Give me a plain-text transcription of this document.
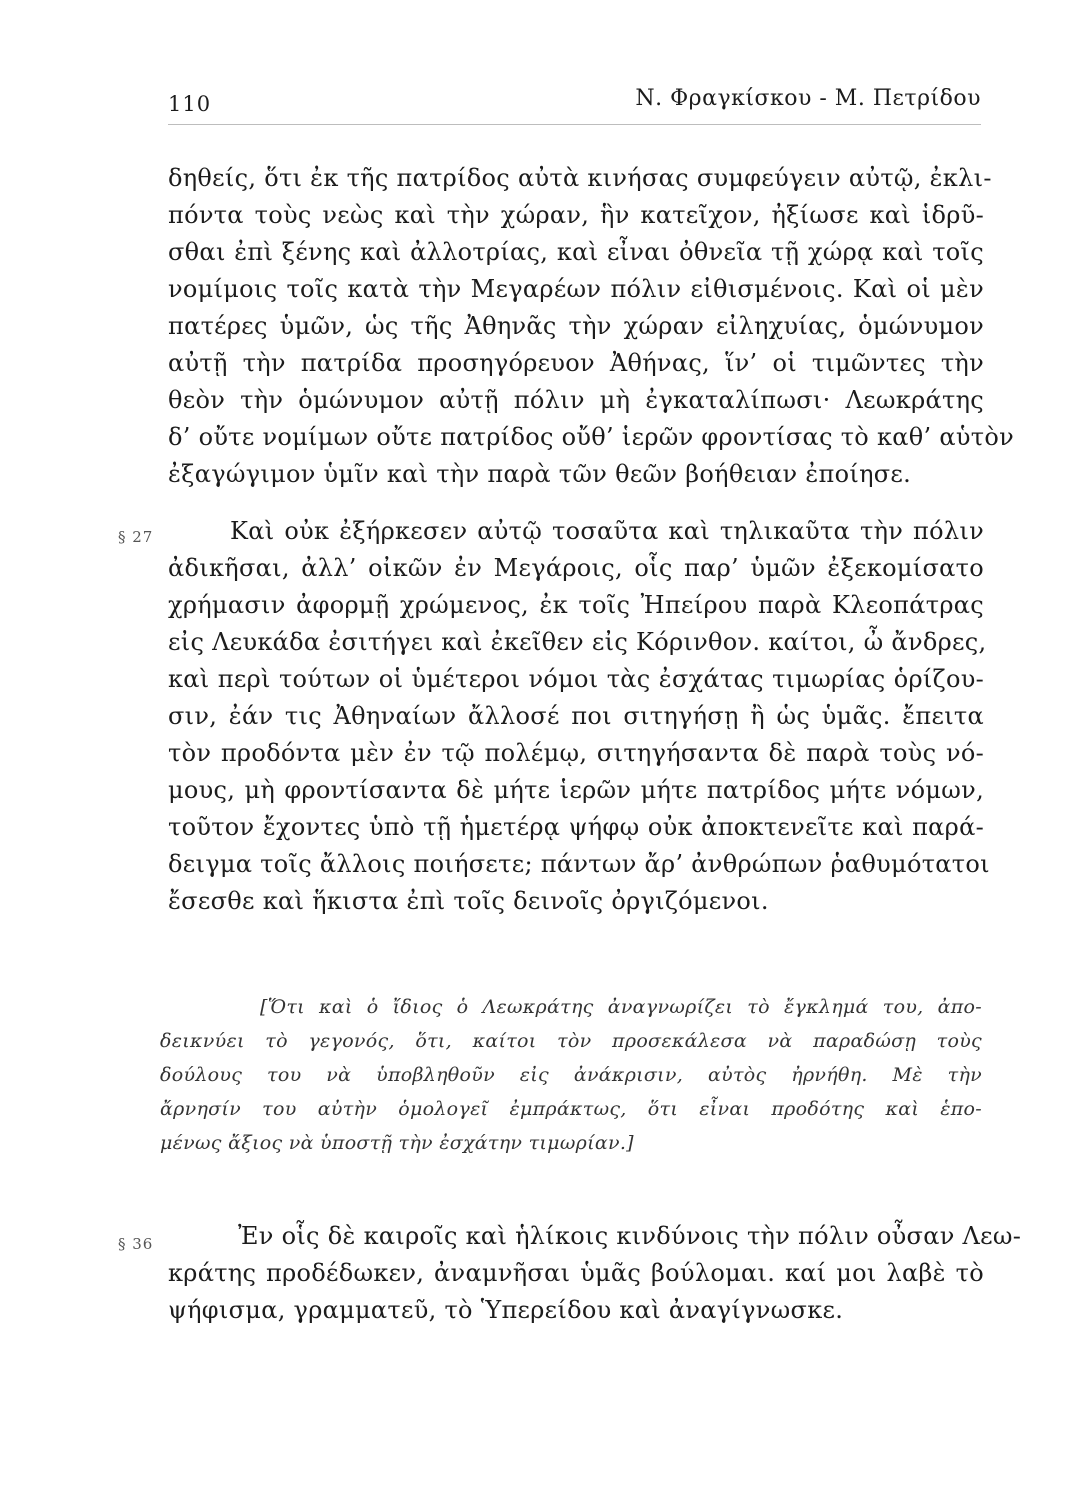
110	Ν. Φραγκίσκου - Μ. Πετρίδου
δηθείς, ὅτι ἐκ τῆς πατρίδος αὐτὰ κινήσας συμφεύγειν αὐτῷ, ἐκλι-
πόντα τοὺς νεὼς καὶ τὴν χώραν, ἣν κατεῖχον, ἠξίωσε καὶ ἱδρῦ-
σθαι ἐπὶ ξένης καὶ ἀλλοτρίας, καὶ εἶναι ὀθνεῖα τῇ χώρᾳ καὶ τοῖς
νομίμοις τοῖς κατὰ τὴν Μεγαρέων πόλιν εἰθισμένοις. Καὶ οἱ μὲν
πατέρες ὑμῶν, ὡς τῆς Ἀθηνᾶς τὴν χώραν εἰληχυίας, ὁμώνυμον
αὐτῇ τὴν πατρίδα προσηγόρευον Ἀθήνας, ἵν’ οἱ τιμῶντες τὴν
θεὸν τὴν ὁμώνυμον αὐτῇ πόλιν μὴ ἐγκαταλίπωσι· Λεωκράτης
δ’ οὔτε νομίμων οὔτε πατρίδος οὔθ’ ἱερῶν φροντίσας τὸ καθ’ αὑτὸν
ἐξαγώγιμον ὑμῖν καὶ τὴν παρὰ τῶν θεῶν βοήθειαν ἐποίησε.
§ 27	Καὶ οὐκ ἐξήρκεσεν αὐτῷ τοσαῦτα καὶ τηλικαῦτα τὴν πόλιν
ἀδικῆσαι, ἀλλ’ οἰκῶν ἐν Μεγάροις, οἷς παρ’ ὑμῶν ἐξεκομίσατο
χρήμασιν ἀφορμῇ χρώμενος, ἐκ τοῖς Ἠπείρου παρὰ Κλεοπάτρας
εἰς Λευκάδα ἐσιτήγει καὶ ἐκεῖθεν εἰς Κόρινθον. καίτοι, ὦ ἄνδρες,
καὶ περὶ τούτων οἱ ὑμέτεροι νόμοι τὰς ἐσχάτας τιμωρίας ὁρίζου-
σιν, ἐάν τις Ἀθηναίων ἄλλοσέ ποι σιτηγήσῃ ἢ ὡς ὑμᾶς. ἔπειτα
τὸν προδόντα μὲν ἐν τῷ πολέμῳ, σιτηγήσαντα δὲ παρὰ τοὺς νό-
μους, μὴ φροντίσαντα δὲ μήτε ἱερῶν μήτε πατρίδος μήτε νόμων,
τοῦτον ἔχοντες ὑπὸ τῇ ἡμετέρᾳ ψήφῳ οὐκ ἀποκτενεῖτε καὶ παρά-
δειγμα τοῖς ἄλλοις ποιήσετε; πάντων ἄρ’ ἀνθρώπων ῥαθυμότατοι
ἔσεσθε καὶ ἥκιστα ἐπὶ τοῖς δεινοῖς ὀργιζόμενοι.
[Ὅτι καὶ ὁ ἴδιος ὁ Λεωκράτης ἀναγνωρίζει τὸ ἔγκλημά του, ἀπο-
δεικνύει τὸ γεγονός, ὅτι, καίτοι τὸν προσεκάλεσα νὰ παραδώσῃ τοὺς
δούλους του νὰ ὑποβληθοῦν εἰς ἀνάκρισιν, αὐτὸς ἠρνήθη. Μὲ τὴν
ἄρνησίν του αὐτὴν ὁμολογεῖ ἐμπράκτως, ὅτι εἶναι προδότης καὶ ἑπο-
μένως ἄξιος νὰ ὑποστῇ τὴν ἐσχάτην τιμωρίαν.]
§ 36	Ἐν οἷς δὲ καιροῖς καὶ ἡλίκοις κινδύνοις τὴν πόλιν οὖσαν Λεω-
κράτης προδέδωκεν, ἀναμνῆσαι ὑμᾶς βούλομαι. καί μοι λαβὲ τὸ
ψήφισμα, γραμματεῦ, τὸ Ὑπερείδου καὶ ἀναγίγνωσκε.
